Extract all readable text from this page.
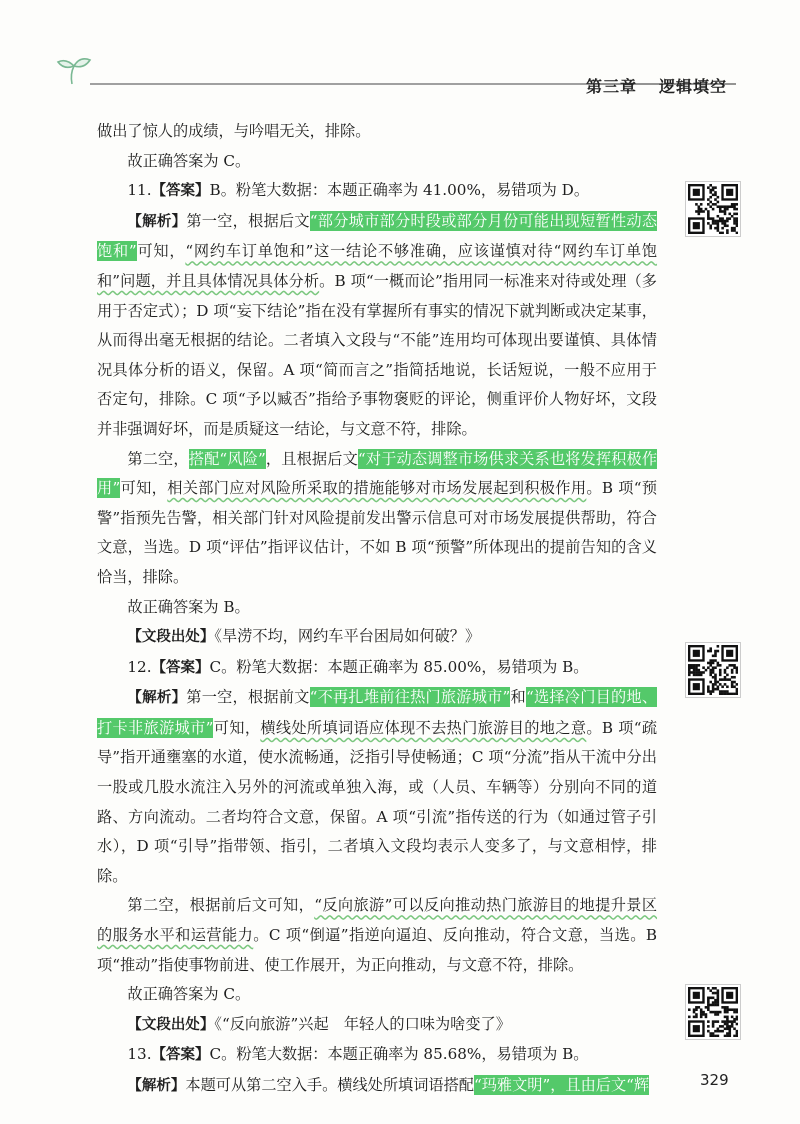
第三章 逻辑填空

做出了惊人的成绩，与吟唱无关，排除。

故正确答案为 C。

11.【答案】B。粉笔大数据：本题正确率为 41.00%，易错项为 D。

【解析】第一空，根据后文“部分城市部分时段或部分月份可能出现短暂性动态饱和”可知，“网约车订单饱和”这一结论不够准确，应该谨慎对待“网约车订单饱和”问题，并且具体情况具体分析。B 项“一概而论”指用同一标准来对待或处理（多用于否定式）；D 项“妄下结论”指在没有掌握所有事实的情况下就判断或决定某事，从而得出毫无根据的结论。二者填入文段与“不能”连用均可体现出要谨慎、具体情况具体分析的语义，保留。A 项“简而言之”指简括地说，长话短说，一般不应用于否定句，排除。C 项“予以臧否”指给予事物褒贬的评论，侧重评价人物好坏，文段并非强调好坏，而是质疑这一结论，与文意不符，排除。

第二空，搭配“风险”，且根据后文“对于动态调整市场供求关系也将发挥积极作用”可知，相关部门应对风险所采取的措施能够对市场发展起到积极作用。B 项“预警”指预先告警，相关部门针对风险提前发出警示信息可对市场发展提供帮助，符合文意，当选。D 项“评估”指评议估计，不如 B 项“预警”所体现出的提前告知的含义恰当，排除。

故正确答案为 B。

【文段出处】《旱涝不均，网约车平台困局如何破？》

12.【答案】C。粉笔大数据：本题正确率为 85.00%，易错项为 B。

【解析】第一空，根据前文“不再扎堆前往热门旅游城市”和“选择冷门目的地、打卡非旅游城市”可知，横线处所填词语应体现不去热门旅游目的地之意。B 项“疏导”指开通壅塞的水道，使水流畅通，泛指引导使畅通；C 项“分流”指从干流中分出一股或几股水流注入另外的河流或单独入海，或（人员、车辆等）分别向不同的道路、方向流动。二者均符合文意，保留。A 项“引流”指传送的行为（如通过管子引水），D 项“引导”指带领、指引，二者填入文段均表示人变多了，与文意相悖，排除。

第二空，根据前后文可知，“反向旅游”可以反向推动热门旅游目的地提升景区的服务水平和运营能力。C 项“倒逼”指逆向逼迫、反向推动，符合文意，当选。B 项“推动”指使事物前进、使工作展开，为正向推动，与文意不符，排除。

故正确答案为 C。

【文段出处】《“反向旅游”兴起　年轻人的口味为啥变了》

13.【答案】C。粉笔大数据：本题正确率为 85.68%，易错项为 B。

【解析】本题可从第二空入手。横线处所填词语搭配“玛雅文明”，且由后文“辉	329
